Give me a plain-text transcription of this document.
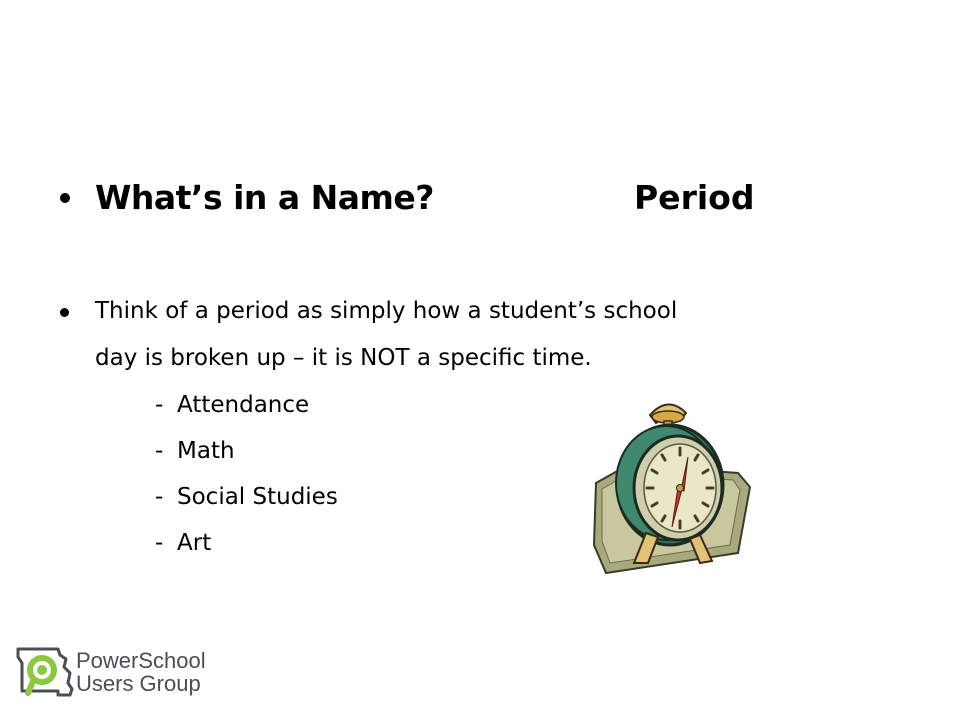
What’s in a Name?	Period
Think of a period as simply how a student’s school
day is broken up – it is NOT a specific time.
- Attendance
- Math
- Social Studies
- Art
PowerSchool
Users Group
